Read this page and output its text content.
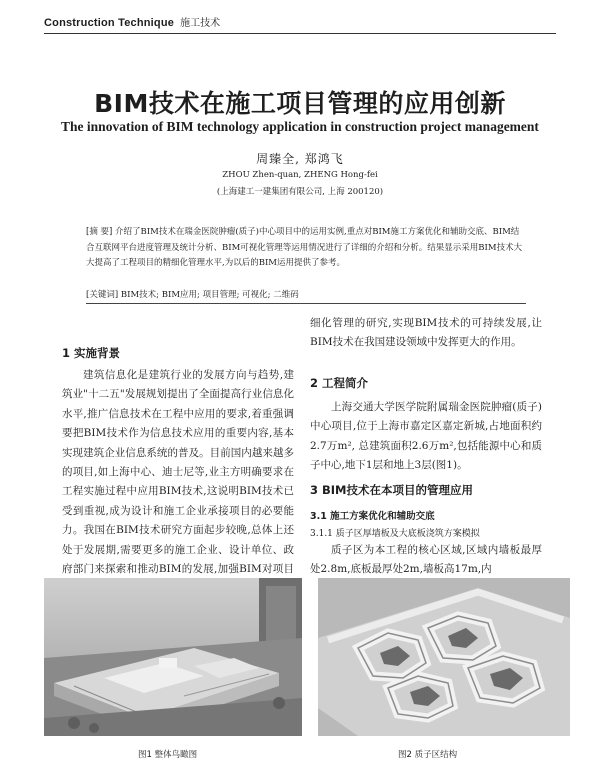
Construction Technique 施工技术
BIM技术在施工项目管理的应用创新
The innovation of BIM technology application in construction project management
周臻全, 郑鸿飞
ZHOU Zhen-quan, ZHENG Hong-fei
(上海建工一建集团有限公司, 上海 200120)
[摘 要] 介绍了BIM技术在瑞金医院肿瘤(质子)中心项目中的运用实例,重点对BIM施工方案优化和辅助交底、BIM结合互联网平台进度管理及统计分析、BIM可视化管理等运用情况进行了详细的介绍和分析。结果显示采用BIM技术大大提高了工程项目的精细化管理水平,为以后的BIM运用提供了参考。
[关键词] BIM技术; BIM应用; 项目管理; 可视化; 二维码
1 实施背景
建筑信息化是建筑行业的发展方向与趋势,建筑业"十二五"发展规划提出了全面提高行业信息化水平,推广信息技术在工程中应用的要求,着重强调要把BIM技术作为信息技术应用的重要内容,基本实现建筑企业信息系统的普及。目前国内越来越多的项目,如上海中心、迪士尼等,业主方明确要求在工程实施过程中应用BIM技术,这说明BIM技术已受到重视,成为设计和施工企业承接项目的必要能力。我国在BIM技术研究方面起步较晚,总体上还处于发展期,需要更多的施工企业、设计单位、政府部门来探索和推动BIM的发展,加强BIM对项目
细化管理的研究,实现BIM技术的可持续发展,让BIM技术在我国建设领域中发挥更大的作用。
2 工程简介
上海交通大学医学院附属瑞金医院肿瘤(质子)中心项目,位于上海市嘉定区嘉定新城,占地面积约2.7万m², 总建筑面积2.6万m²,包括能源中心和质子中心,地下1层和地上3层(图1)。
3 BIM技术在本项目的管理应用
3.1 施工方案优化和辅助交底
3.1.1 质子区厚墙板及大底板浇筑方案模拟
质子区为本工程的核心区域,区域内墙板最厚处2.8m,底板最厚处2m,墙板高17m,内
图1 整体鸟瞰图	图2 质子区结构
